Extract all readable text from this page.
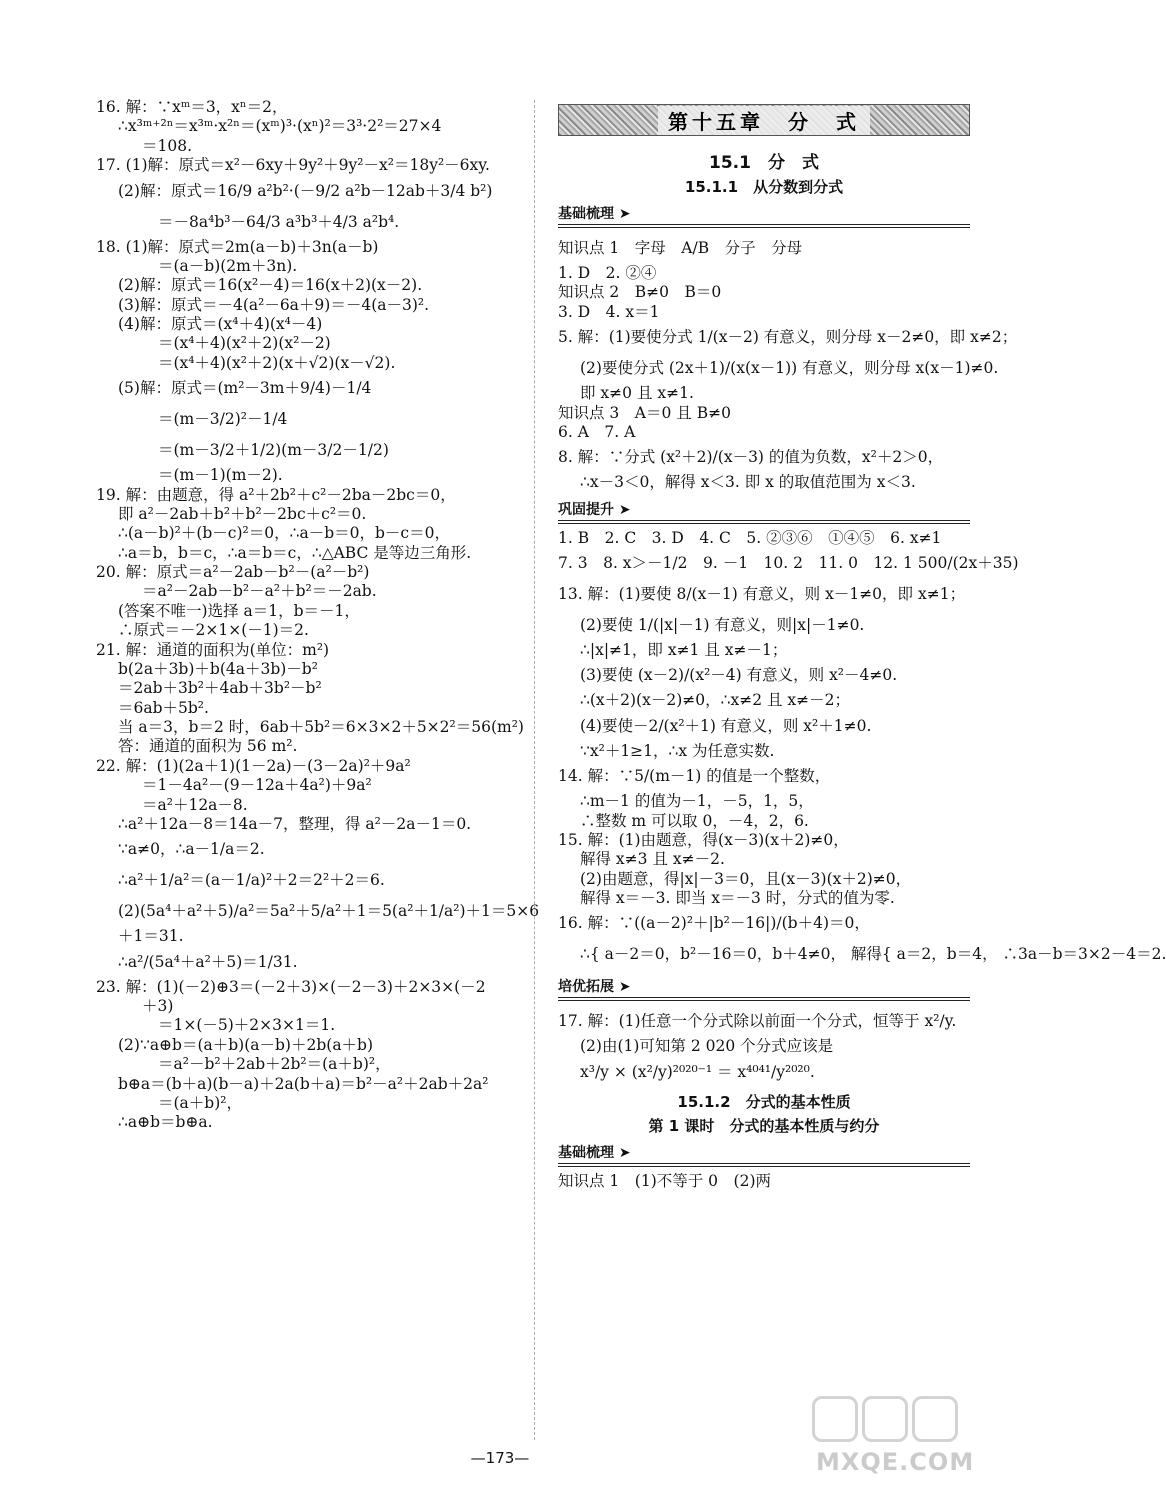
16. 解：∵xᵐ＝3，xⁿ＝2，
∴x³ᵐ⁺²ⁿ＝x³ᵐ·x²ⁿ＝(xᵐ)³·(xⁿ)²＝3³·2²＝27×4
＝108.
17. (1)解：原式＝x²－6xy＋9y²＋9y²－x²＝18y²－6xy.
(2)解：原式＝16/9 a²b²·(－9/2 a²b－12ab＋3/4 b²)
＝－8a⁴b³－64/3 a³b³＋4/3 a²b⁴.
18. (1)解：原式＝2m(a－b)＋3n(a－b)
＝(a－b)(2m＋3n).
(2)解：原式＝16(x²－4)＝16(x＋2)(x－2).
(3)解：原式＝－4(a²－6a＋9)＝－4(a－3)².
(4)解：原式＝(x⁴＋4)(x⁴－4)
＝(x⁴＋4)(x²＋2)(x²－2)
＝(x⁴＋4)(x²＋2)(x＋√2)(x－√2).
(5)解：原式＝(m²－3m＋9/4)－1/4
＝(m－3/2)²－1/4
＝(m－3/2＋1/2)(m－3/2－1/2)
＝(m－1)(m－2).
19. 解：由题意，得 a²＋2b²＋c²－2ba－2bc＝0，
即 a²－2ab＋b²＋b²－2bc＋c²＝0.
∴(a－b)²＋(b－c)²＝0，∴a－b＝0，b－c＝0，
∴a＝b，b＝c，∴a＝b＝c，∴△ABC 是等边三角形.
20. 解：原式＝a²－2ab－b²－(a²－b²)
＝a²－2ab－b²－a²＋b²＝－2ab.
(答案不唯一)选择 a＝1，b＝－1，
∴原式＝－2×1×(－1)＝2.
21. 解：通道的面积为(单位：m²)
b(2a＋3b)＋b(4a＋3b)－b²
＝2ab＋3b²＋4ab＋3b²－b²
＝6ab＋5b².
当 a＝3，b＝2 时，6ab＋5b²＝6×3×2＋5×2²＝56(m²)
答：通道的面积为 56 m².
22. 解：(1)(2a＋1)(1－2a)－(3－2a)²＋9a²
＝1－4a²－(9－12a＋4a²)＋9a²
＝a²＋12a－8.
∴a²＋12a－8＝14a－7，整理，得 a²－2a－1＝0.
∵a≠0，∴a－1/a＝2.
∴a²＋1/a²＝(a－1/a)²＋2＝2²＋2＝6.
(2)(5a⁴＋a²＋5)/a²＝5a²＋5/a²＋1＝5(a²＋1/a²)＋1＝5×6
＋1＝31.
∴a²/(5a⁴＋a²＋5)＝1/31.
23. 解：(1)(－2)⊕3＝(－2＋3)×(－2－3)＋2×3×(－2
＋3)
＝1×(－5)＋2×3×1＝1.
(2)∵a⊕b＝(a＋b)(a－b)＋2b(a＋b)
＝a²－b²＋2ab＋2b²＝(a＋b)²，
b⊕a＝(b＋a)(b－a)＋2a(b＋a)＝b²－a²＋2ab＋2a²
＝(a＋b)²，
∴a⊕b＝b⊕a.
第十五章　分　式
15.1　分　式
15.1.1　从分数到分式
基础梳理 ➤
知识点 1　字母　A/B　分子　分母
1. D　2. ②④
知识点 2　B≠0　B＝0
3. D　4. x＝1
5. 解：(1)要使分式 1/(x－2) 有意义，则分母 x－2≠0，即 x≠2；
(2)要使分式 (2x＋1)/(x(x－1)) 有意义，则分母 x(x－1)≠0.
即 x≠0 且 x≠1.
知识点 3　A＝0 且 B≠0
6. A　7. A
8. 解：∵分式 (x²＋2)/(x－3) 的值为负数，x²＋2＞0，
∴x－3＜0，解得 x＜3. 即 x 的取值范围为 x＜3.
巩固提升 ➤
1. B　2. C　3. D　4. C　5. ②③⑥　①④⑤　6. x≠1
7. 3　8. x＞－1/2　9. －1　10. 2　11. 0　12. 1 500/(2x＋35)
13. 解：(1)要使 8/(x－1) 有意义，则 x－1≠0，即 x≠1；
(2)要使 1/(|x|－1) 有意义，则|x|－1≠0.
∴|x|≠1，即 x≠1 且 x≠－1；
(3)要使 (x－2)/(x²－4) 有意义，则 x²－4≠0.
∴(x＋2)(x－2)≠0，∴x≠2 且 x≠－2；
(4)要使－2/(x²＋1) 有意义，则 x²＋1≠0.
∵x²＋1≥1，∴x 为任意实数.
14. 解：∵5/(m－1) 的值是一个整数，
∴m－1 的值为－1，－5，1，5，
∴整数 m 可以取 0，－4，2，6.
15. 解：(1)由题意，得(x－3)(x＋2)≠0，
解得 x≠3 且 x≠－2.
(2)由题意，得|x|－3＝0，且(x－3)(x＋2)≠0，
解得 x＝－3. 即当 x＝－3 时，分式的值为零.
16. 解：∵((a－2)²＋|b²－16|)/(b＋4)＝0，
∴{ a－2＝0，b²－16＝0，b＋4≠0， 解得{ a＝2，b＝4， ∴3a－b＝3×2－4＝2.
培优拓展 ➤
17. 解：(1)任意一个分式除以前面一个分式，恒等于 x²/y.
(2)由(1)可知第 2 020 个分式应该是
x³/y × (x²/y)²⁰²⁰⁻¹ ＝ x⁴⁰⁴¹/y²⁰²⁰.
15.1.2　分式的基本性质
第 1 课时　分式的基本性质与约分
基础梳理 ➤
知识点 1　(1)不等于 0　(2)两
—173—	MXQE.COM
